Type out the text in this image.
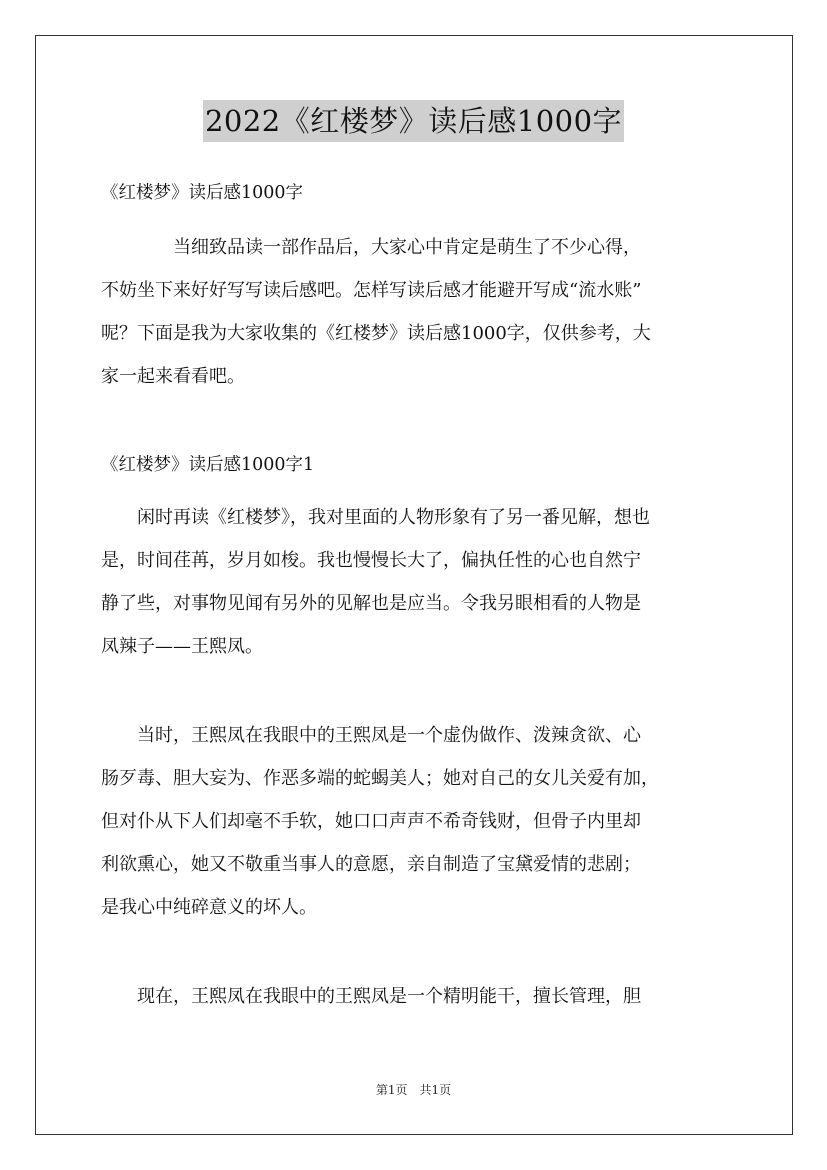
2022《红楼梦》读后感1000字
《红楼梦》读后感1000字
　　　　当细致品读一部作品后，大家心中肯定是萌生了不少心得，
不妨坐下来好好写写读后感吧。怎样写读后感才能避开写成“流水账”
呢？下面是我为大家收集的《红楼梦》读后感1000字，仅供参考，大
家一起来看看吧。
《红楼梦》读后感1000字1
　　闲时再读《红楼梦》，我对里面的人物形象有了另一番见解，想也
是，时间荏苒，岁月如梭。我也慢慢长大了，偏执任性的心也自然宁
静了些，对事物见闻有另外的见解也是应当。令我另眼相看的人物是
凤辣子——王熙凤。
　　当时，王熙凤在我眼中的王熙凤是一个虚伪做作、泼辣贪欲、心
肠歹毒、胆大妄为、作恶多端的蛇蝎美人；她对自己的女儿关爱有加，
但对仆从下人们却毫不手软，她口口声声不希奇钱财，但骨子内里却
利欲熏心，她又不敬重当事人的意愿，亲自制造了宝黛爱情的悲剧；
是我心中纯碎意义的坏人。
　　现在，王熙凤在我眼中的王熙凤是一个精明能干，擅长管理，胆
第1页　共1页
